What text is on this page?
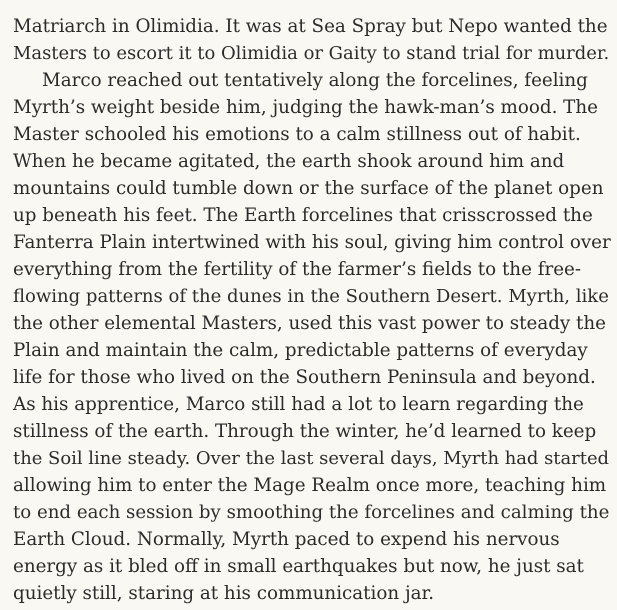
Matriarch in Olimidia. It was at Sea Spray but Nepo wanted the
Masters to escort it to Olimidia or Gaity to stand trial for murder.
Marco reached out tentatively along the forcelines, feeling
Myrth’s weight beside him, judging the hawk-man’s mood. The
Master schooled his emotions to a calm stillness out of habit.
When he became agitated, the earth shook around him and
mountains could tumble down or the surface of the planet open
up beneath his feet. The Earth forcelines that crisscrossed the
Fanterra Plain intertwined with his soul, giving him control over
everything from the fertility of the farmer’s fields to the free-
flowing patterns of the dunes in the Southern Desert. Myrth, like
the other elemental Masters, used this vast power to steady the
Plain and maintain the calm, predictable patterns of everyday
life for those who lived on the Southern Peninsula and beyond.
As his apprentice, Marco still had a lot to learn regarding the
stillness of the earth. Through the winter, he’d learned to keep
the Soil line steady. Over the last several days, Myrth had started
allowing him to enter the Mage Realm once more, teaching him
to end each session by smoothing the forcelines and calming the
Earth Cloud. Normally, Myrth paced to expend his nervous
energy as it bled off in small earthquakes but now, he just sat
quietly still, staring at his communication jar.
